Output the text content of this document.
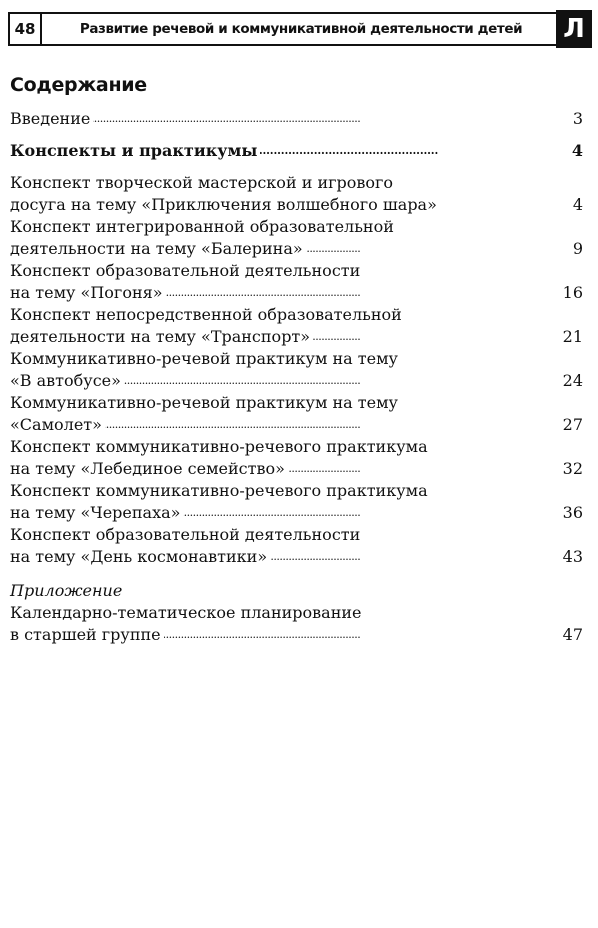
48	Развитие речевой и коммуникативной деятельности детей	Л
Содержание
Введение . . .	3
Конспекты и практикумы . . .	4
Конспект творческой мастерской и игрового
досуга на тему «Приключения волшебного шара» . . .	4
Конспект интегрированной образовательной
деятельности на тему «Балерина» . . .	9
Конспект образовательной деятельности
на тему «Погоня» . . .	16
Конспект непосредственной образовательной
деятельности на тему «Транспорт» . . .	21
Коммуникативно-речевой практикум на тему
«В автобусе» . . .	24
Коммуникативно-речевой практикум на тему
«Самолет» . . .	27
Конспект коммуникативно-речевого практикума
на тему «Лебединое семейство» . . .	32
Конспект коммуникативно-речевого практикума
на тему «Черепаха» . . .	36
Конспект образовательной деятельности
на тему «День космонавтики» . . .	43
Приложение
Календарно-тематическое планирование
в старшей группе . . .	47
